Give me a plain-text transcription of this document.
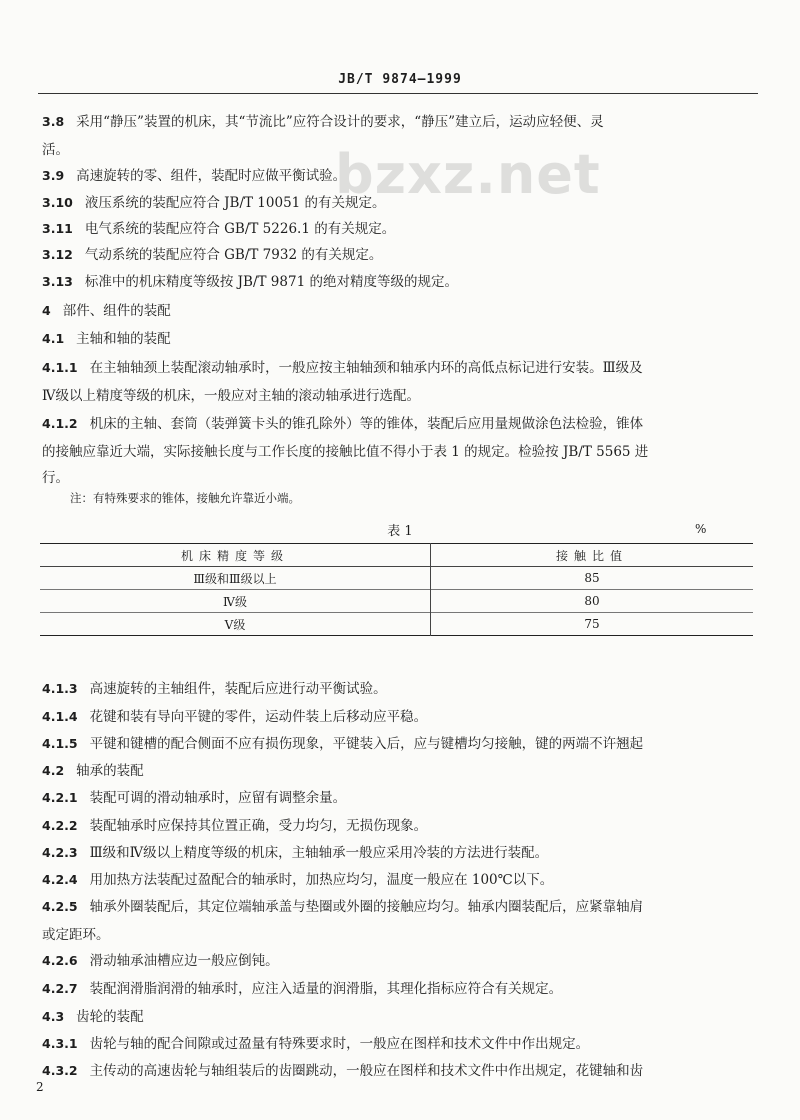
JB/T 9874—1999
bzxz.net
3.8 采用“静压”装置的机床，其“节流比”应符合设计的要求，“静压”建立后，运动应轻便、灵
活。
3.9 高速旋转的零、组件，装配时应做平衡试验。
3.10 液压系统的装配应符合 JB/T 10051 的有关规定。
3.11 电气系统的装配应符合 GB/T 5226.1 的有关规定。
3.12 气动系统的装配应符合 GB/T 7932 的有关规定。
3.13 标准中的机床精度等级按 JB/T 9871 的绝对精度等级的规定。
4 部件、组件的装配
4.1 主轴和轴的装配
4.1.1 在主轴轴颈上装配滚动轴承时，一般应按主轴轴颈和轴承内环的高低点标记进行安装。Ⅲ级及
Ⅳ级以上精度等级的机床，一般应对主轴的滚动轴承进行选配。
4.1.2 机床的主轴、套筒（装弹簧卡头的锥孔除外）等的锥体，装配后应用量规做涂色法检验，锥体
的接触应靠近大端，实际接触长度与工作长度的接触比值不得小于表 1 的规定。检验按 JB/T 5565 进
行。
注：有特殊要求的锥体，接触允许靠近小端。
表 1	%
机床精度等级	接触比值
Ⅲ级和Ⅲ级以上	85
Ⅳ级	80
Ⅴ级	75
4.1.3 高速旋转的主轴组件，装配后应进行动平衡试验。
4.1.4 花键和装有导向平键的零件，运动件装上后移动应平稳。
4.1.5 平键和键槽的配合侧面不应有损伤现象，平键装入后，应与键槽均匀接触，键的两端不许翘起
4.2 轴承的装配
4.2.1 装配可调的滑动轴承时，应留有调整余量。
4.2.2 装配轴承时应保持其位置正确，受力均匀，无损伤现象。
4.2.3 Ⅲ级和Ⅳ级以上精度等级的机床，主轴轴承一般应采用冷装的方法进行装配。
4.2.4 用加热方法装配过盈配合的轴承时，加热应均匀，温度一般应在 100℃以下。
4.2.5 轴承外圈装配后，其定位端轴承盖与垫圈或外圈的接触应均匀。轴承内圈装配后，应紧靠轴肩
或定距环。
4.2.6 滑动轴承油槽应边一般应倒钝。
4.2.7 装配润滑脂润滑的轴承时，应注入适量的润滑脂，其理化指标应符合有关规定。
4.3 齿轮的装配
4.3.1 齿轮与轴的配合间隙或过盈量有特殊要求时，一般应在图样和技术文件中作出规定。
4.3.2 主传动的高速齿轮与轴组装后的齿圈跳动，一般应在图样和技术文件中作出规定，花键轴和齿
2
